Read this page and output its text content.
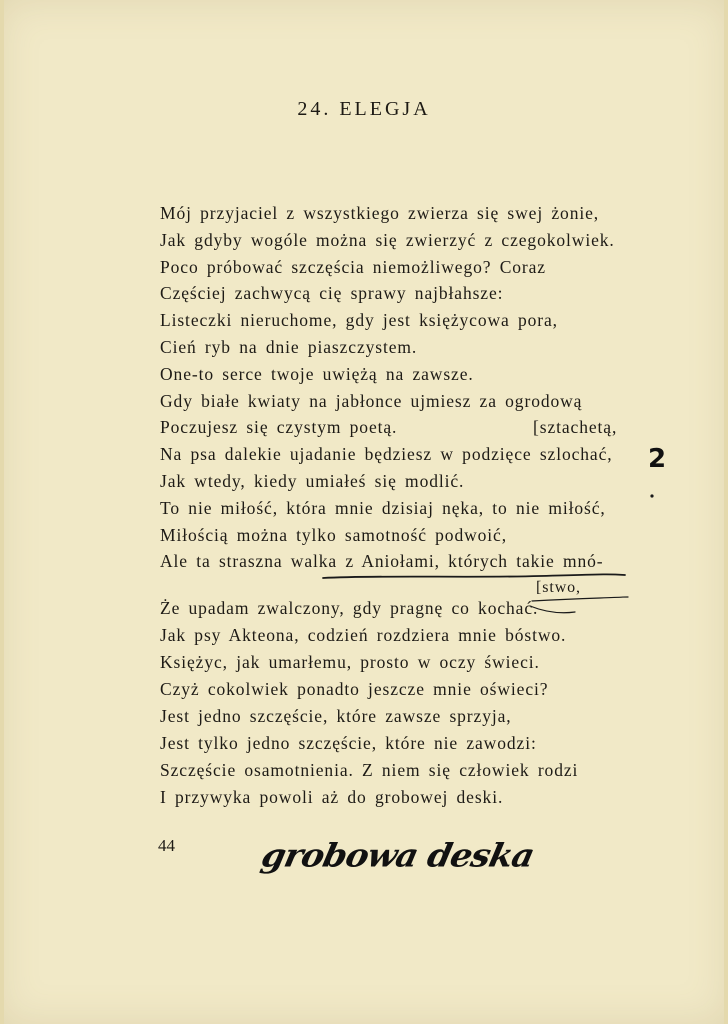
24. ELEGJA
Mój przyjaciel z wszystkiego zwierza się swej żonie,
Jak gdyby wogóle można się zwierzyć z czegokolwiek.
Poco próbować szczęścia niemożliwego? Coraz
Częściej zachwycą cię sprawy najbłahsze:
Listeczki nieruchome, gdy jest księżycowa pora,
Cień ryb na dnie piaszczystem.
One-to serce twoje uwiężą na zawsze.
Gdy białe kwiaty na jabłonce ujmiesz za ogrodową
Poczujesz się czystym poetą.	[sztachetą,
Na psa dalekie ujadanie będziesz w podzięce szlochać,
Jak wtedy, kiedy umiałeś się modlić.
To nie miłość, która mnie dzisiaj nęka, to nie miłość,
Miłością można tylko samotność podwoić,
Ale ta straszna walka z Aniołami, których takie mnó-
[stwo,
Że upadam zwalczony, gdy pragnę co kochać.
Jak psy Akteona, codzień rozdziera mnie bóstwo.
Księżyc, jak umarłemu, prosto w oczy świeci.
Czyż cokolwiek ponadto jeszcze mnie oświeci?
Jest jedno szczęście, które zawsze sprzyja,
Jest tylko jedno szczęście, które nie zawodzi:
Szczęście osamotnienia. Z niem się człowiek rodzi
I przywyka powoli aż do grobowej deski.
2
44 grobowa deska
